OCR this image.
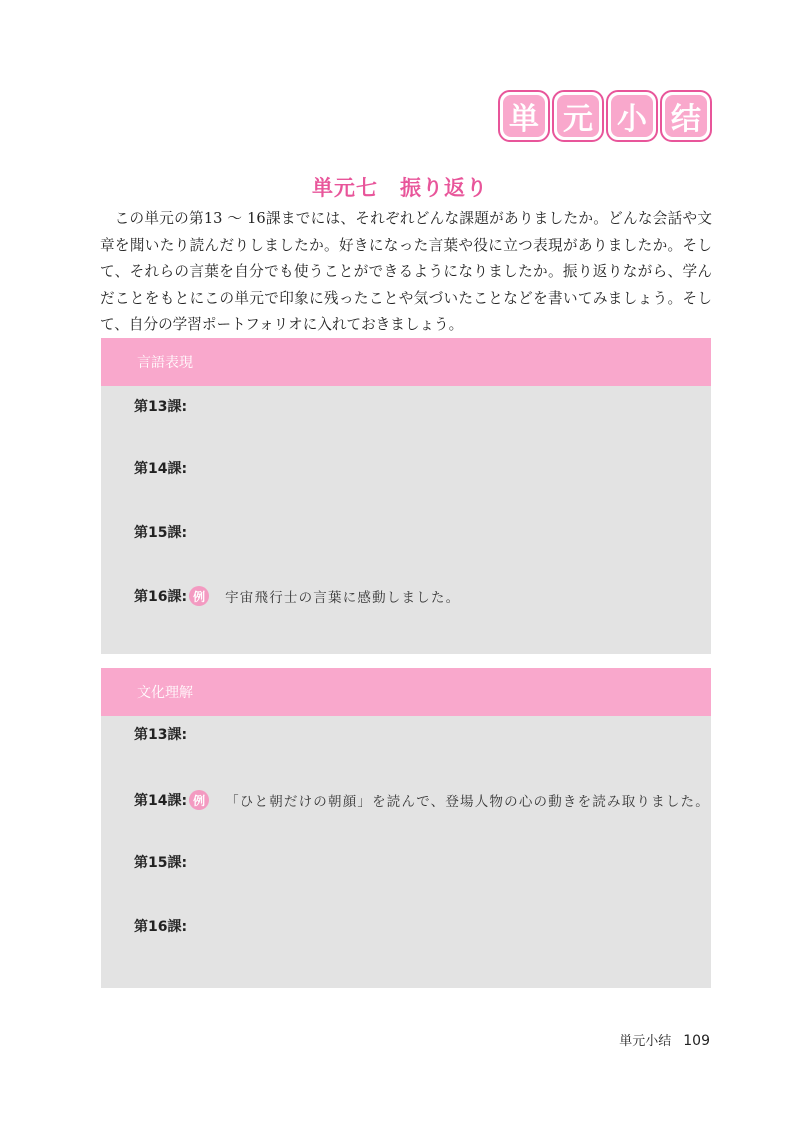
単 元 小 结
単元七　振り返り

この単元の第13 〜 16課までには、それぞれどんな課題がありましたか。どんな会話や文章を聞いたり読んだりしましたか。好きになった言葉や役に立つ表現がありましたか。そして、それらの言葉を自分でも使うことができるようになりましたか。振り返りながら、学んだことをもとにこの単元で印象に残ったことや気づいたことなどを書いてみましょう。そして、自分の学習ポートフォリオに入れておきましょう。

言語表現
第13課:
第14課:
第15課:
第16課: 例 宇宙飛行士の言葉に感動しました。
文化理解
第13課:
第14課: 例 「ひと朝だけの朝顔」を読んで、登場人物の心の動きを読み取りました。
第15課:
第16課:
単元小结 109
